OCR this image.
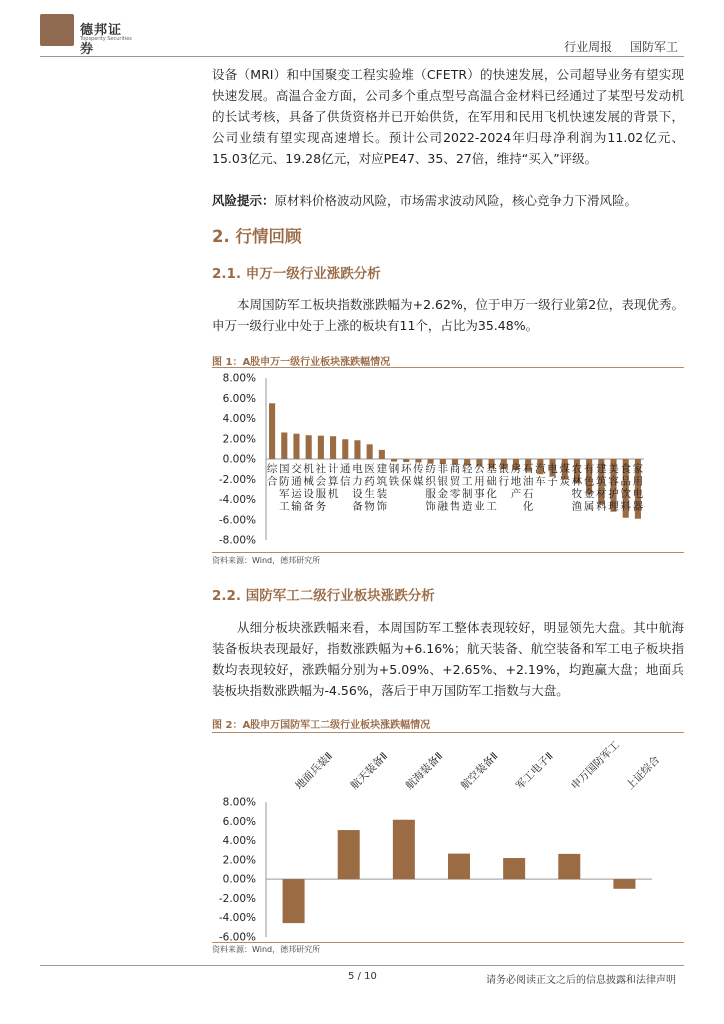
德邦证券
Topsperity Securities
行业周报 国防军工

设备（MRI）和中国聚变工程实验堆（CFETR）的快速发展，公司超导业务有望实现快速发展。高温合金方面，公司多个重点型号高温合金材料已经通过了某型号发动机的长试考核，具备了供货资格并已开始供货，在军用和民用飞机快速发展的背景下，公司业绩有望实现高速增长。预计公司2022-2024年归母净利润为11.02亿元、15.03亿元、19.28亿元，对应PE47、35、27倍，维持“买入”评级。

风险提示：原材料价格波动风险，市场需求波动风险，核心竞争力下滑风险。

2. 行情回顾
2.1. 申万一级行业涨跌分析

本周国防军工板块指数涨跌幅为+2.62%，位于申万一级行业第2位，表现优秀。申万一级行业中处于上涨的板块有11个，占比为35.48%。

图 1：A股申万一级行业板块涨跌幅情况
8.00%
6.00%
4.00%
2.00%
0.00%
-2.00%
-4.00%
-6.00%
-8.00%
综合
国防军工
交通运输
机械设备
社会服务
计算机
通信
电力设备
医药生物
建筑装饰
钢铁
环保
传媒
纺织服饰
非银金融
商贸零售
轻工制造
公用事业
基础化工
银行
房地产
石油石化
汽车
电子
煤炭
农林牧渔
有色金属
建筑材料
美容护理
食品饮料
家用电器
资料来源：Wind，德邦研究所
2.2. 国防军工二级行业板块涨跌分析

从细分板块涨跌幅来看，本周国防军工整体表现较好，明显领先大盘。其中航海装备板块表现最好，指数涨跌幅为+6.16%；航天装备、航空装备和军工电子板块指数均表现较好，涨跌幅分别为+5.09%、+2.65%、+2.19%，均跑赢大盘；地面兵装板块指数涨跌幅为-4.56%，落后于申万国防军工指数与大盘。

图 2：A股申万国防军工二级行业板块涨跌幅情况
8.00%
6.00%
4.00%
2.00%
0.00%
-2.00%
-4.00%
-6.00%
地面兵装Ⅱ 航天装备Ⅱ 航海装备Ⅱ 航空装备Ⅱ 军工电子Ⅱ 申万国防军工 上证综合
资料来源：Wind，德邦研究所
5 / 10	请务必阅读正文之后的信息披露和法律声明
